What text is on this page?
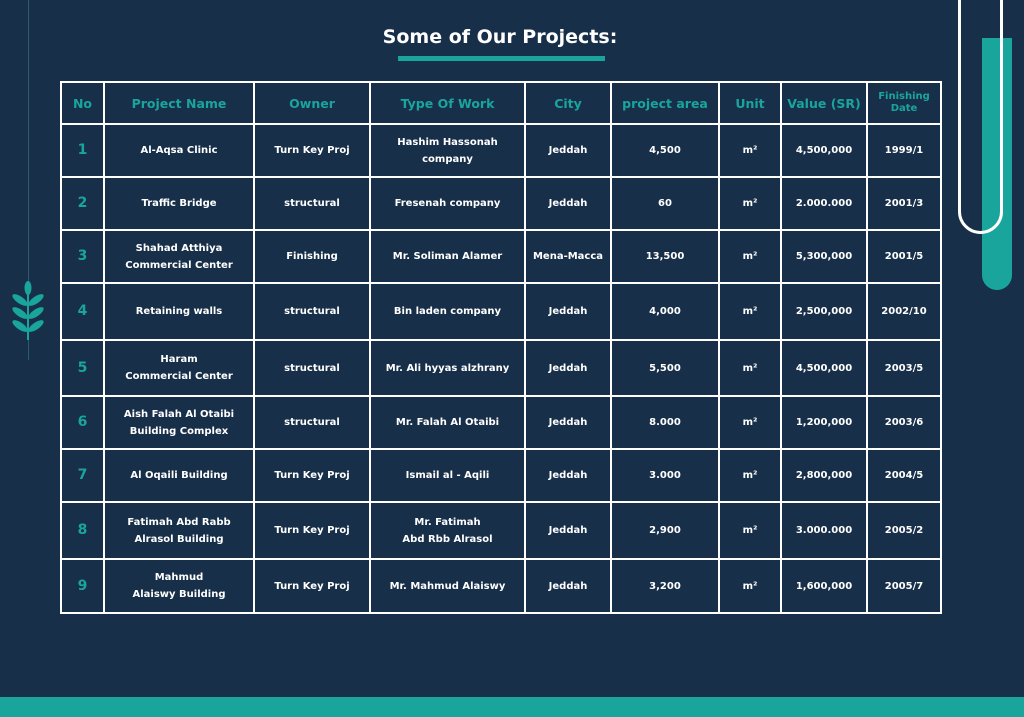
Some of Our Projects:
No	Project Name	Owner	Type Of Work	City	project area	Unit	Value (SR)	Finishing
Date
1	Al-Aqsa Clinic	Turn Key Proj	Hashim Hassonah
company	Jeddah	4,500	m²	4,500,000	1999/1
2	Traffic Bridge	structural	Fresenah company	Jeddah	60	m²	2.000.000	2001/3
3	Shahad Atthiya
Commercial Center	Finishing	Mr. Soliman Alamer	Mena-Macca	13,500	m²	5,300,000	2001/5
4	Retaining walls	structural	Bin laden company	Jeddah	4,000	m²	2,500,000	2002/10
5	Haram
Commercial Center	structural	Mr. Ali hyyas alzhrany	Jeddah	5,500	m²	4,500,000	2003/5
6	Aish Falah Al Otaibi
Building Complex	structural	Mr. Falah Al Otaibi	Jeddah	8.000	m²	1,200,000	2003/6
7	Al Oqaili Building	Turn Key Proj	Ismail al - Aqili	Jeddah	3.000	m²	2,800,000	2004/5
8	Fatimah Abd Rabb
Alrasol Building	Turn Key Proj	Mr. Fatimah
Abd Rbb Alrasol	Jeddah	2,900	m²	3.000.000	2005/2
9	Mahmud
Alaiswy Building	Turn Key Proj	Mr. Mahmud Alaiswy	Jeddah	3,200	m²	1,600,000	2005/7
